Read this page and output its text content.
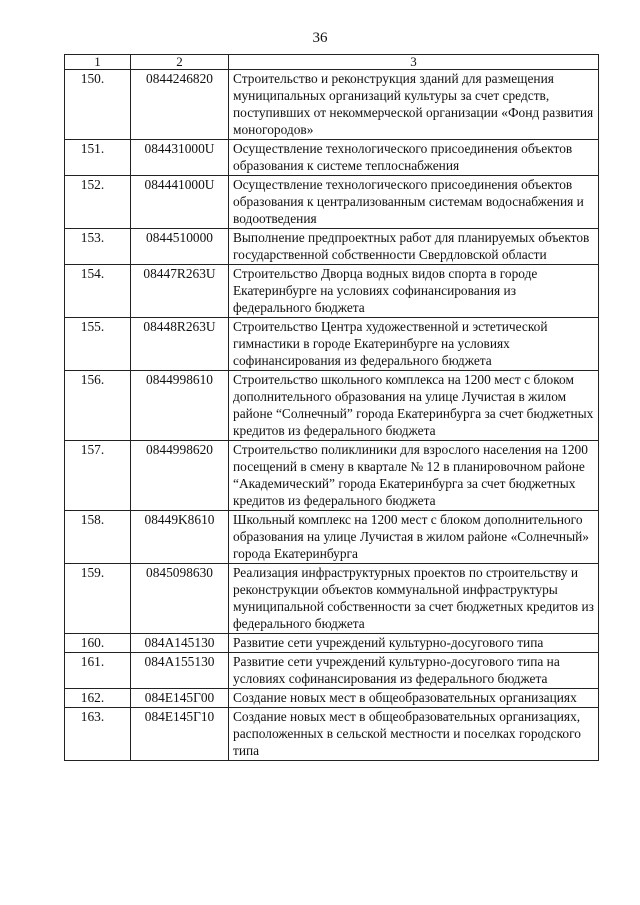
36
1	2	3
150.	0844246820	Строительство и реконструкция зданий для размещения муниципальных организаций культуры за счет средств, поступивших от некоммерческой организации «Фонд развития моногородов»
151.	084431000U	Осуществление технологического присоединения объектов образования к системе теплоснабжения
152.	084441000U	Осуществление технологического присоединения объектов образования к централизованным системам водоснабжения и водоотведения
153.	0844510000	Выполнение предпроектных работ для планируемых объектов государственной собственности Свердловской области
154.	08447R263U	Строительство Дворца водных видов спорта в городе Екатеринбурге на условиях софинансирования из федерального бюджета
155.	08448R263U	Строительство Центра художественной и эстетической гимнастики в городе Екатеринбурге на условиях софинансирования из федерального бюджета
156.	0844998610	Строительство школьного комплекса на 1200 мест с блоком дополнительного образования на улице Лучистая в жилом районе “Солнечный” города Екатеринбурга за счет бюджетных кредитов из федерального бюджета
157.	0844998620	Строительство поликлиники для взрослого населения на 1200 посещений в смену в квартале № 12 в планировочном районе “Академический” города Екатеринбурга за счет бюджетных кредитов из федерального бюджета
158.	08449K8610	Школьный комплекс на 1200 мест с блоком дополнительного образования на улице Лучистая в жилом районе «Солнечный» города Екатеринбурга
159.	0845098630	Реализация инфраструктурных проектов по строительству и реконструкции объектов коммунальной инфраструктуры муниципальной собственности за счет бюджетных кредитов из федерального бюджета
160.	084А145130	Развитие сети учреждений культурно-досугового типа
161.	084А155130	Развитие сети учреждений культурно-досугового типа на условиях софинансирования из федерального бюджета
162.	084Е145Г00	Создание новых мест в общеобразовательных организациях
163.	084Е145Г10	Создание новых мест в общеобразовательных организациях, расположенных в сельской местности и поселках городского типа
